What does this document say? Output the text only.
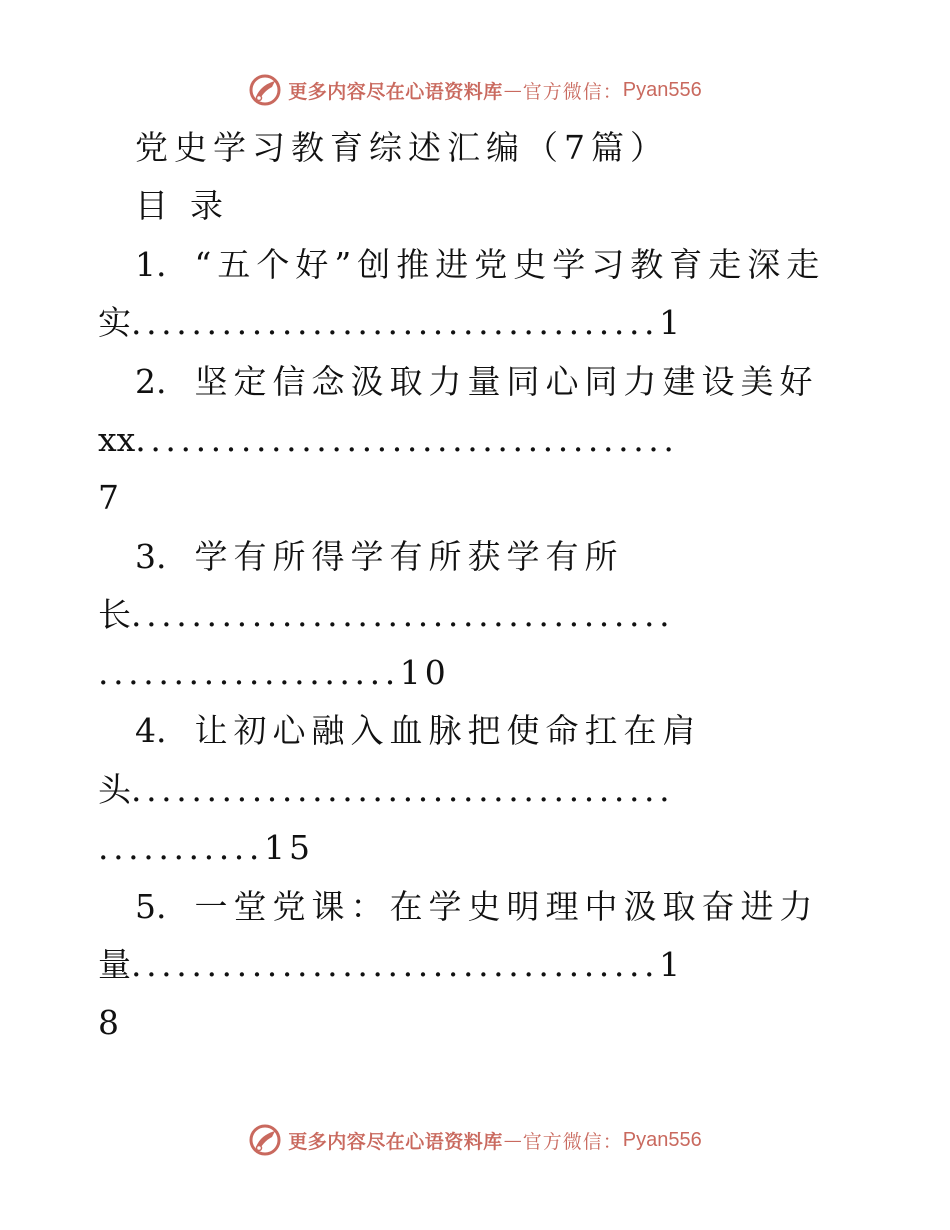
更多内容尽在心语资料库 — 官方微信： Pyan556
党史学习教育综述汇编（7篇）
目录
1. “五个好”创推进党史学习教育走深走
实...................................1
2. 坚定信念汲取力量同心同力建设美好
xx....................................
7
3. 学有所得学有所获学有所
长....................................
....................10
4. 让初心融入血脉把使命扛在肩
头....................................
...........15
5. 一堂党课：在学史明理中汲取奋进力
量...................................1
8
更多内容尽在心语资料库 — 官方微信： Pyan556
